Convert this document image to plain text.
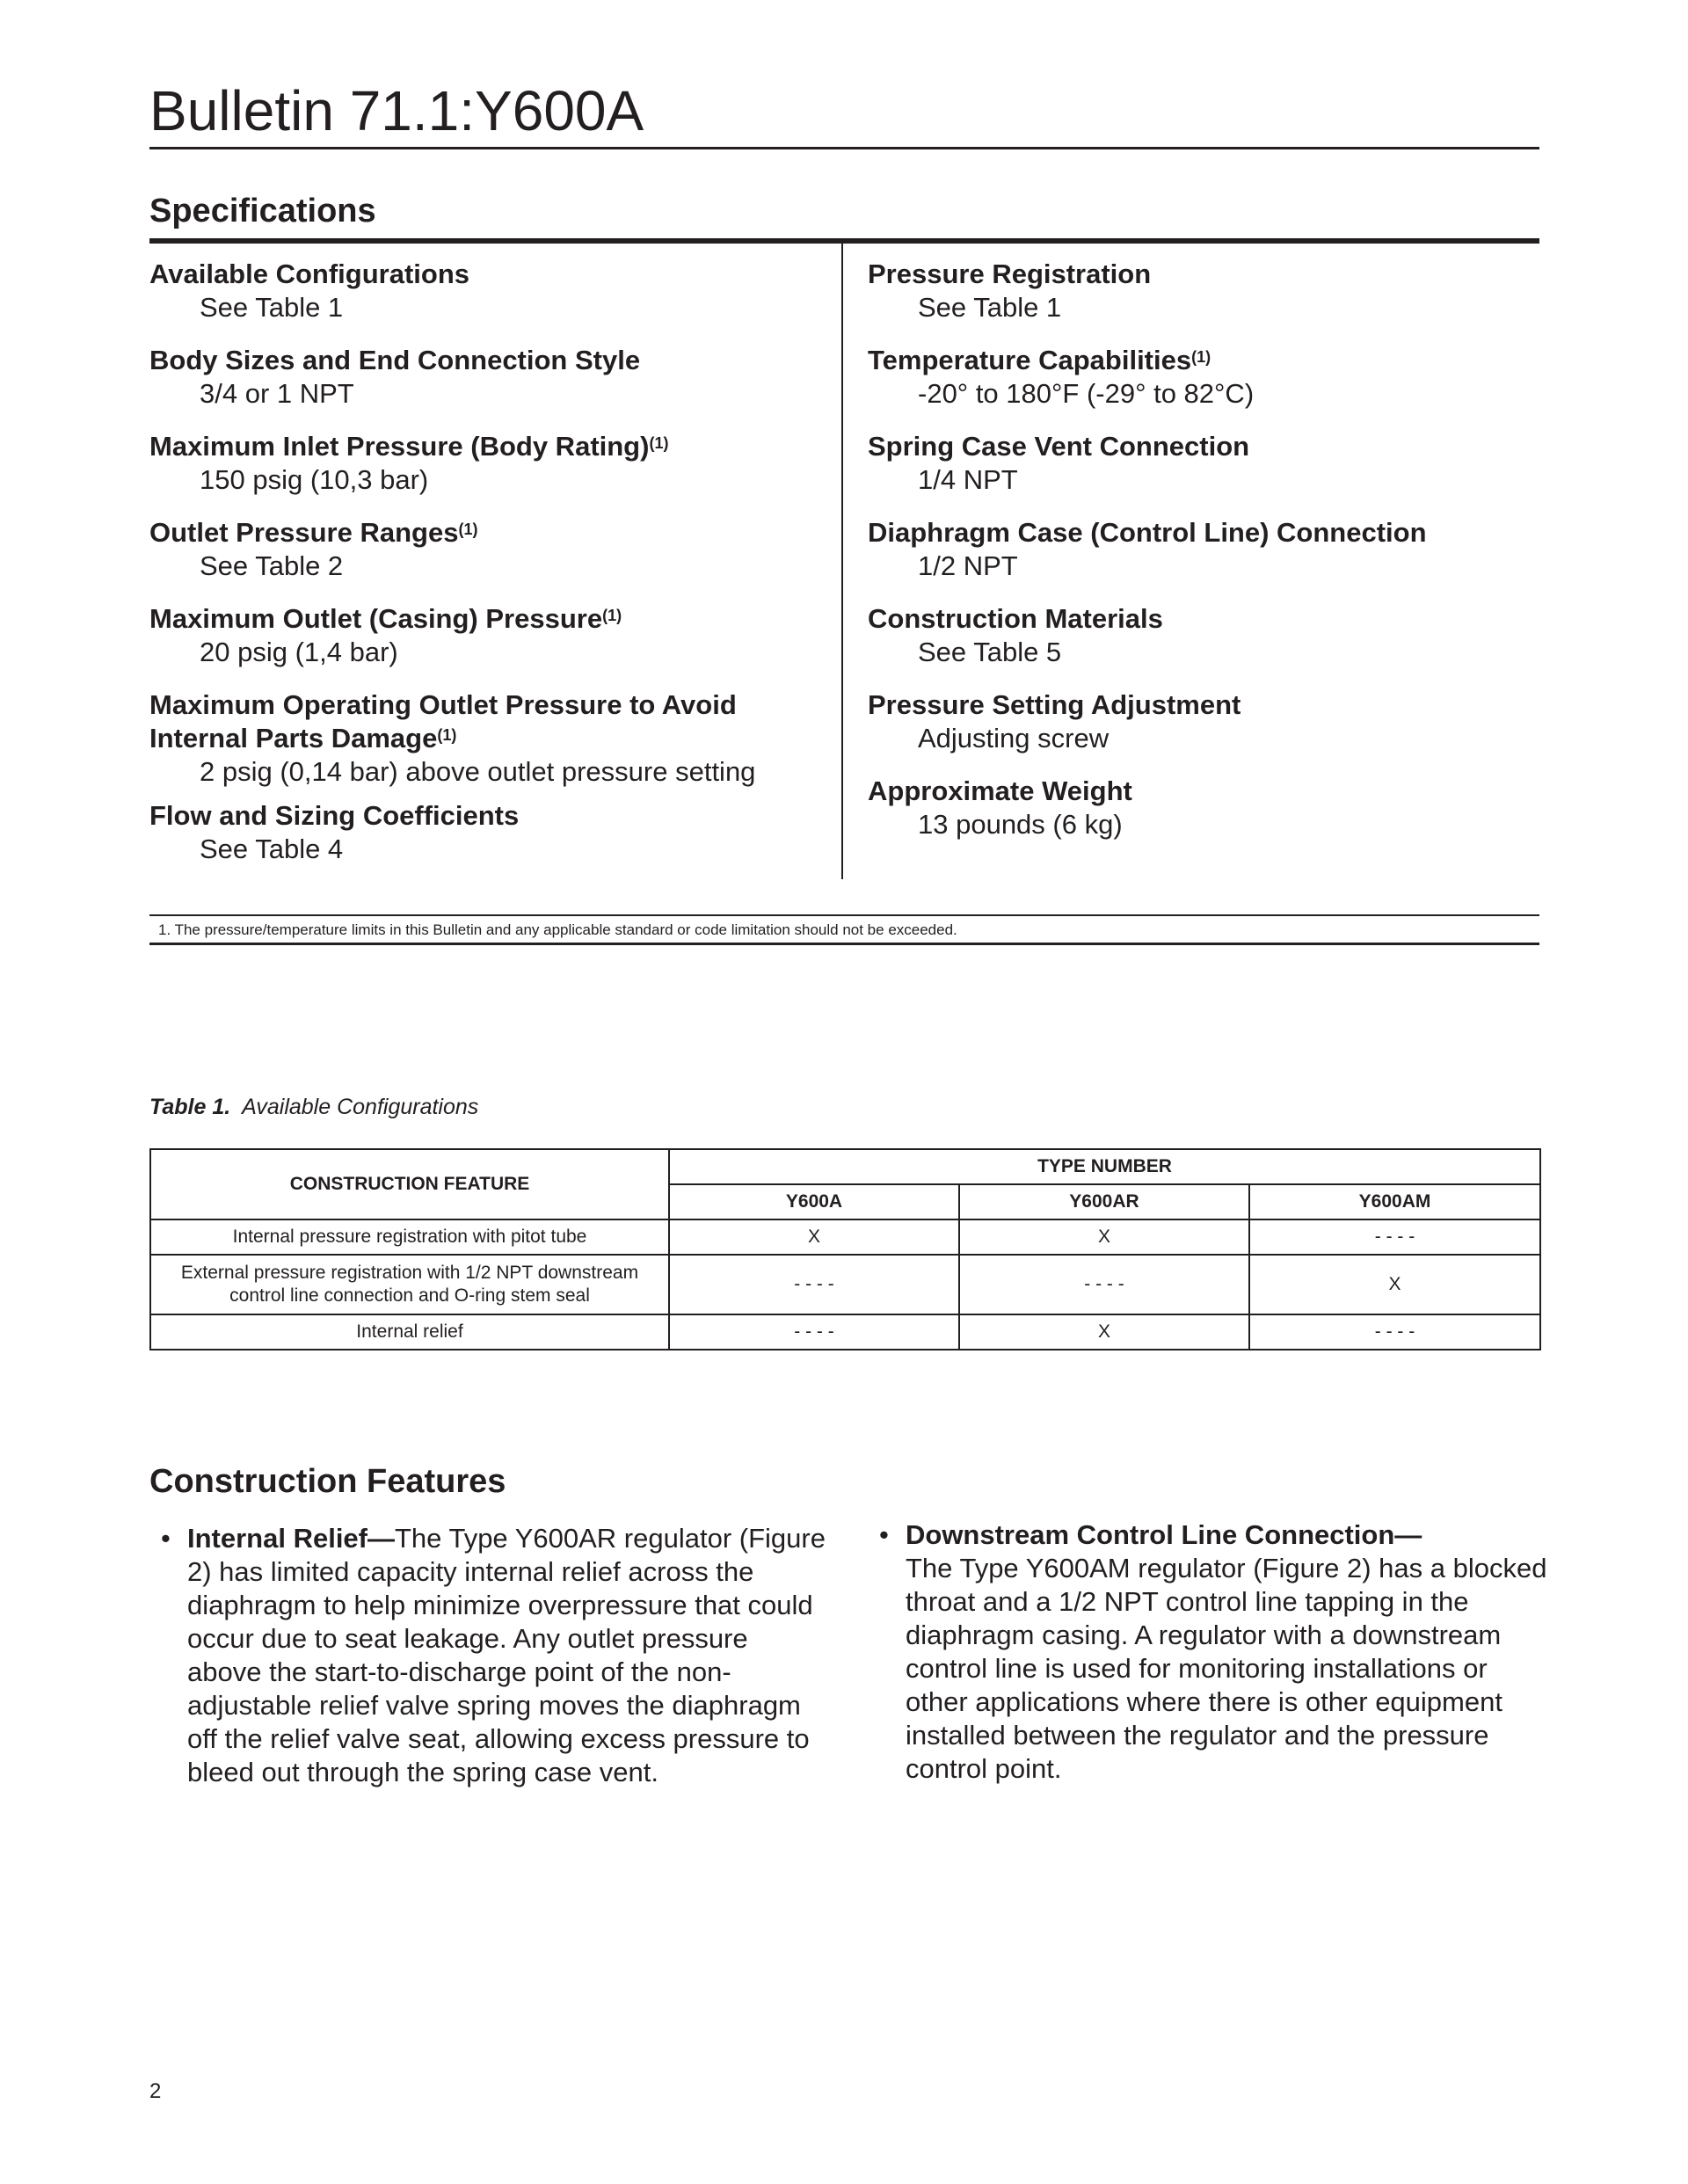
Bulletin 71.1:Y600A
Specifications
Available Configurations
See Table 1
Body Sizes and End Connection Style
3/4 or 1 NPT
Maximum Inlet Pressure (Body Rating)$^{(1)}$
150 psig (10,3 bar)
Outlet Pressure Ranges$^{(1)}$
See Table 2
Maximum Outlet (Casing) Pressure$^{(1)}$
20 psig (1,4 bar)
Maximum Operating Outlet Pressure to Avoid Internal Parts Damage$^{(1)}$
2 psig (0,14 bar) above outlet pressure setting
Flow and Sizing Coefficients
See Table 4
Pressure Registration
See Table 1
Temperature Capabilities$^{(1)}$
-20° to 180°F (-29° to 82°C)
Spring Case Vent Connection
1/4 NPT
Diaphragm Case (Control Line) Connection
1/2 NPT
Construction Materials
See Table 5
Pressure Setting Adjustment
Adjusting screw
Approximate Weight
13 pounds (6 kg)
1. The pressure/temperature limits in this Bulletin and any applicable standard or code limitation should not be exceeded.
Table 1. Available Configurations
CONSTRUCTION FEATURE	TYPE NUMBER		
	Y600A	Y600AR	Y600AM
Internal pressure registration with pitot tube	X	X	- - - -
External pressure registration with 1/2 NPT downstream control line connection and O-ring stem seal	- - - -	- - - -	X
Internal relief	- - - -	X	- - - -
Construction Features
• Internal Relief—The Type Y600AR regulator (Figure 2) has limited capacity internal relief across the diaphragm to help minimize overpressure that could occur due to seat leakage. Any outlet pressure above the start-to-discharge point of the non-adjustable relief valve spring moves the diaphragm off the relief valve seat, allowing excess pressure to bleed out through the spring case vent.
• Downstream Control Line Connection—
The Type Y600AM regulator (Figure 2) has a blocked throat and a 1/2 NPT control line tapping in the diaphragm casing. A regulator with a downstream control line is used for monitoring installations or other applications where there is other equipment installed between the regulator and the pressure control point.
2
